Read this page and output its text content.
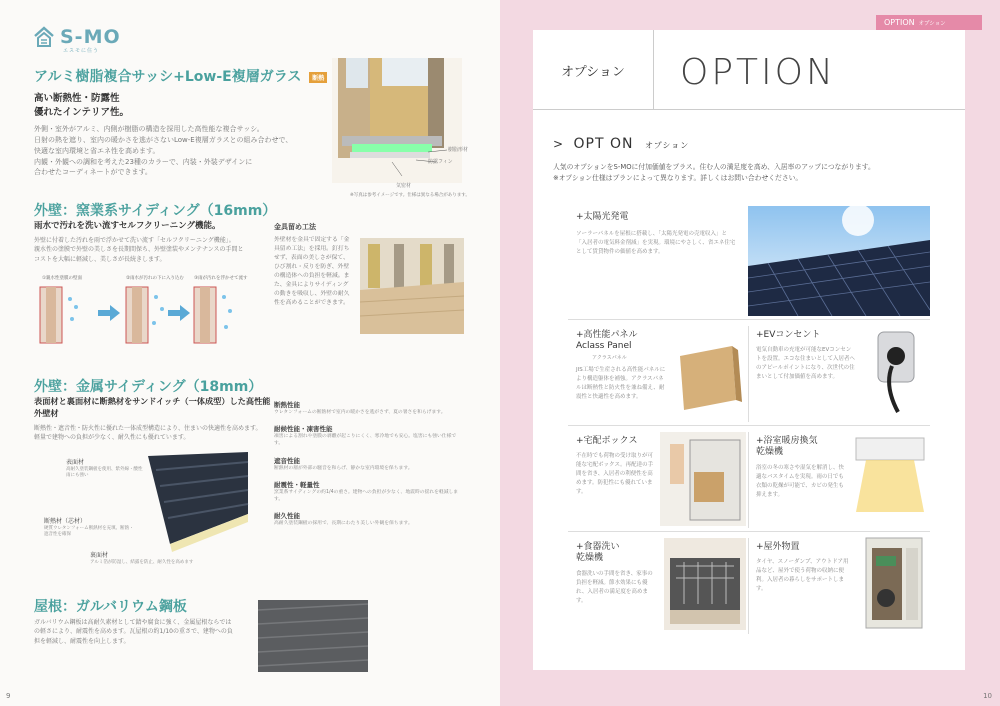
S-MO
エスモに住う
アルミ樹脂複合サッシ+Low-E複層ガラス 断熱
高い断熱性・防露性
優れたインテリア性。
外側・室外がアルミ、内側が樹脂の構造を採用した高性能な複合サッシ。
日射の熱を遮り、室内の暖かさを逃がさないLow-E複層ガラスとの組み合わせで、
快適な室内環境と省エネ性を高めます。
内観・外観への調和を考えた23種のカラーで、内装・外装デザインに
合わせたコーディネートができます。
樹脂形材
防露フィン
気密材
※写真は参考イメージです。仕様は異なる場合があります。
外壁：窯業系サイディング（16mm）
雨水で汚れを洗い流すセルフクリーニング機能。
外壁に付着した汚れを雨で浮かせて洗い流す「セルフクリーニング機能」。
親水性の塗膜で外壁の美しさを長期間保ち、外壁塗装やメンテナンスの手間と
コストを大幅に軽減し、美しさが長続きします。
①親水性塗膜の壁面	②雨水が汚れの下に入り込む	③雨が汚れを浮かせて流す
金具留め工法
外壁材を金具で固定する「金具留め工法」を採用。釘打ちせず、表面の美しさが保て、ひび割れ・反りを防ぎ、外壁の構造体への負担を軽減。また、金具によりサイディングの動きを吸収し、外壁の耐久性を高めることができます。
外壁：金属サイディング（18mm）
表面材と裏面材に断熱材をサンドイッチ（一体成型）した高性能外壁材
断熱性・遮音性・防火性に優れた一体成型構造により、住まいの快適性を高めます。
軽量で建物への負担が少なく、耐久性にも優れています。
表面材
高耐久塗装鋼板を使用、紫外線・酸性雨にも強い
断熱材（芯材）
硬質ウレタンフォーム断熱材を充填、断熱・遮音性を確保
裏面材
アルミ箔が防湿し、結露を防止、耐久性を高めます
断熱性能
ウレタンフォームの断熱材で室内の暖かさを逃がさず、夏の暑さを和らげます。
耐候性能・凍害性能
凍害による割れや塗膜の剥離が起こりにくく、寒冷地でも安心。塩害にも強い仕様です。
遮音性能
断熱材の層が外部の騒音を和らげ、静かな室内環境を保ちます。
耐震性・軽量性
窯業系サイディングの約1/4の重さ。建物への負担が少なく、地震時の揺れを軽減します。
耐久性能
高耐久塗装鋼板の採用で、長期にわたり美しい外観を保ちます。
屋根：ガルバリウム鋼板
ガルバリウム鋼板は高耐久素材として錆や腐食に強く、金属屋根ならではの軽さにより、耐震性を高めます。瓦屋根の約1/10の重さで、建物への負担を軽減し、耐震性を向上します。
9
OPTION オプション
オプション	OPTION
> OPT ON オプション
人気のオプションをS-MOに付加価値をプラス。住む人の満足度を高め、入居率のアップにつながります。
※オプション仕様はプランによって異なります。詳しくはお問い合わせください。
+太陽光発電
ソーラーパネルを屋根に搭載し、「太陽光発電の売電収入」と「入居者の電気料金削減」を実現。環境にやさしく、省エネ住宅として賃貸物件の価値を高めます。
+高性能パネル
Aclass Panel
アクラスパネル
JIS工場で生産される高性能パネルにより構造躯体を補強。アクラスパネルは断熱性と防火性を兼ね備え、耐震性と快適性を高めます。
+EVコンセント
電気自動車の充電が可能なEVコンセントを設置。エコな住まいとして入居者へのアピールポイントになり、次世代の住まいとして付加価値を高めます。
+宅配ボックス
不在時でも荷物の受け取りが可能な宅配ボックス。再配達の手間を省き、入居者の利便性を高めます。防犯性にも優れています。
+浴室暖房換気
乾燥機
浴室の冬の寒さや湿気を解消し、快適なバスタイムを実現。雨の日でも衣類の乾燥が可能で、カビの発生も抑えます。
+食器洗い
乾燥機
食器洗いの手間を省き、家事の負担を軽減。節水効果にも優れ、入居者の満足度を高めます。
+屋外物置
タイヤ、スノーダンプ、アウトドア用品など、屋外で使う荷物の収納に便利。入居者の暮らしをサポートします。
10
